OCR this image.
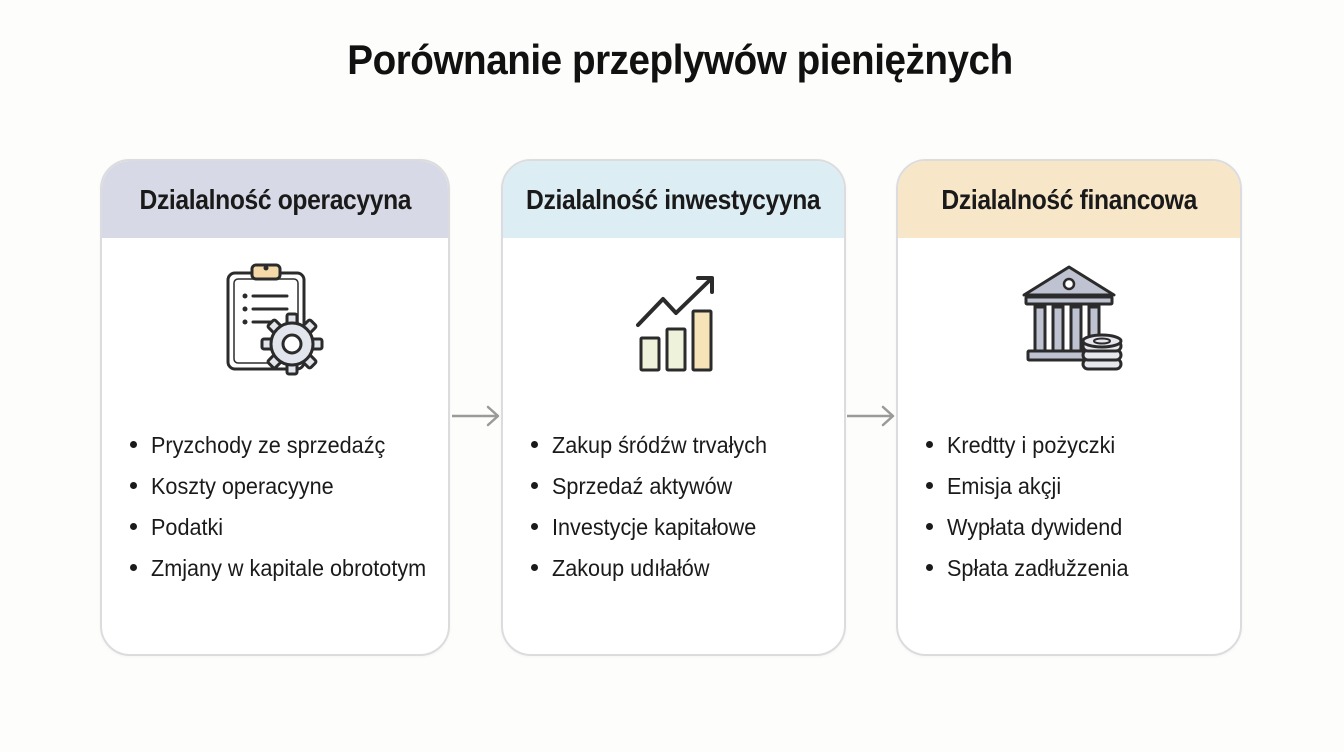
Porównanie przeplywów pieniężnych
Dzialalność operacyyna
Pryzchody ze sprzedaźç
Koszty operacyyne
Podatki
Zmjany w kapitale obrototym
Dzialalność inwestycyyna
Zakup śródźw trvałych
Sprzedaź aktywów
Investycje kapitałowe
Zakoup udıłałów
Dzialalność financowa
Kredtty i pożyczki
Emisja akçji
Wypłata dywidend
Spłata zadłužzenia
